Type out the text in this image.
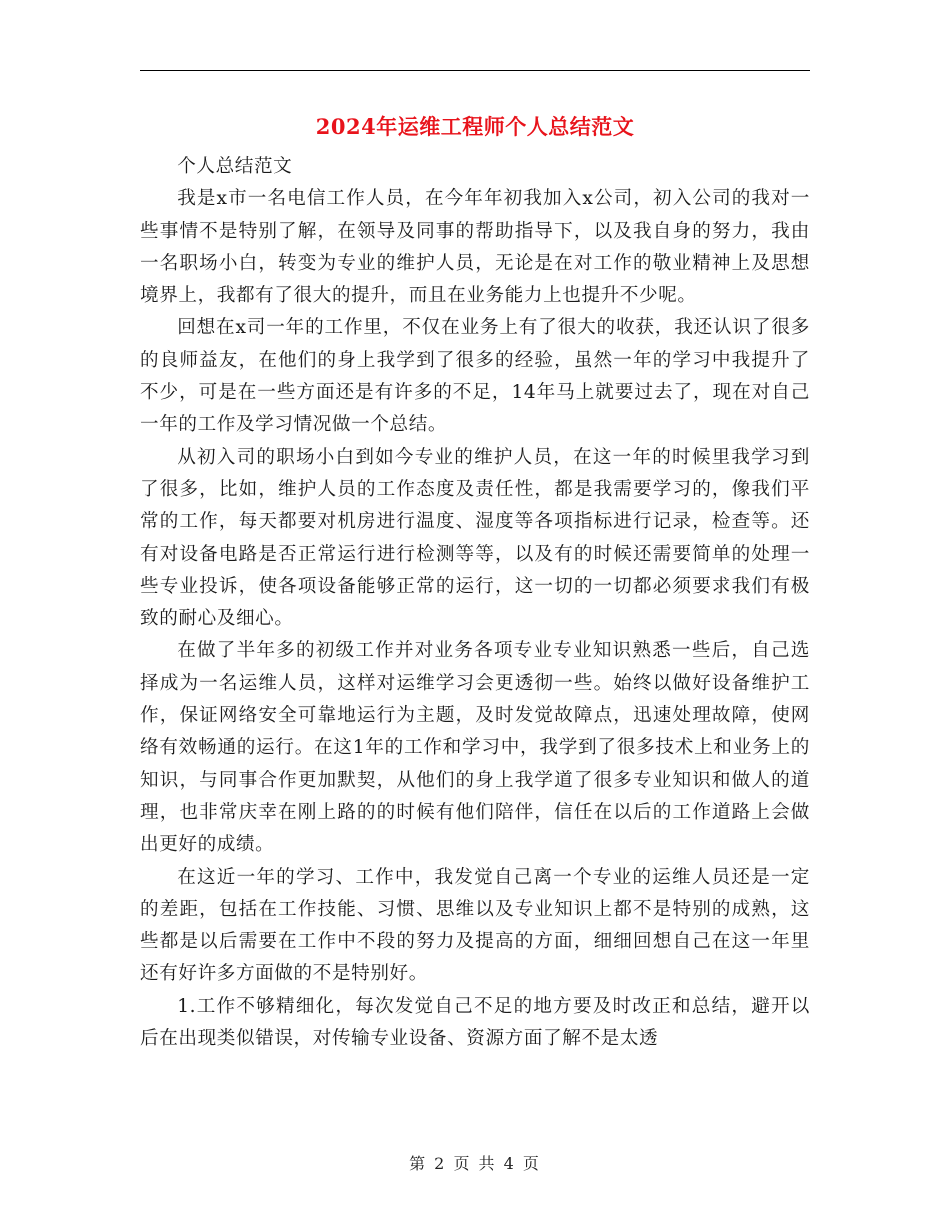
2024年运维工程师个人总结范文

个人总结范文

我是x市一名电信工作人员，在今年年初我加入x公司，初入公司的我对一些事情不是特别了解，在领导及同事的帮助指导下，以及我自身的努力，我由一名职场小白，转变为专业的维护人员，无论是在对工作的敬业精神上及思想境界上，我都有了很大的提升，而且在业务能力上也提升不少呢。

回想在x司一年的工作里，不仅在业务上有了很大的收获，我还认识了很多的良师益友，在他们的身上我学到了很多的经验，虽然一年的学习中我提升了不少，可是在一些方面还是有许多的不足，14年马上就要过去了，现在对自己一年的工作及学习情况做一个总结。

从初入司的职场小白到如今专业的维护人员，在这一年的时候里我学习到了很多，比如，维护人员的工作态度及责任性，都是我需要学习的，像我们平常的工作，每天都要对机房进行温度、湿度等各项指标进行记录，检查等。还有对设备电路是否正常运行进行检测等等，以及有的时候还需要简单的处理一些专业投诉，使各项设备能够正常的运行，这一切的一切都必须要求我们有极致的耐心及细心。

在做了半年多的初级工作并对业务各项专业专业知识熟悉一些后，自己选择成为一名运维人员，这样对运维学习会更透彻一些。始终以做好设备维护工作，保证网络安全可靠地运行为主题，及时发觉故障点，迅速处理故障，使网络有效畅通的运行。在这1年的工作和学习中，我学到了很多技术上和业务上的知识，与同事合作更加默契，从他们的身上我学道了很多专业知识和做人的道理，也非常庆幸在刚上路的的时候有他们陪伴，信任在以后的工作道路上会做出更好的成绩。

在这近一年的学习、工作中，我发觉自己离一个专业的运维人员还是一定的差距，包括在工作技能、习惯、思维以及专业知识上都不是特别的成熟，这些都是以后需要在工作中不段的努力及提高的方面，细细回想自己在这一年里还有好许多方面做的不是特别好。

1.工作不够精细化，每次发觉自己不足的地方要及时改正和总结，避开以后在出现类似错误，对传输专业设备、资源方面了解不是太透

第 2 页 共 4 页
